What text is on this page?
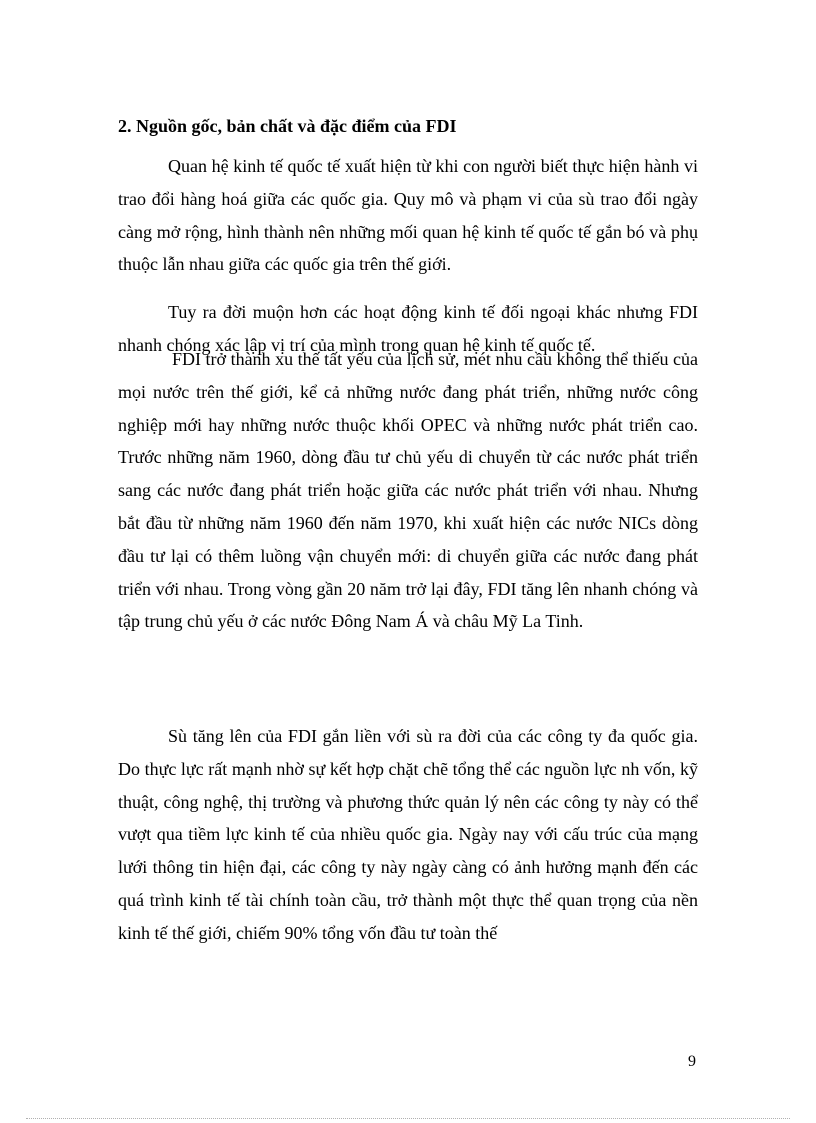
2. Nguồn gốc, bản chất và đặc điểm của FDI

Quan hệ kinh tế quốc tế xuất hiện từ khi con người biết thực hiện hành vi trao đổi hàng hoá giữa các quốc gia. Quy mô và phạm vi của sù trao đổi ngày càng mở rộng, hình thành nên những mối quan hệ kinh tế quốc tế gắn bó và phụ thuộc lẫn nhau giữa các quốc gia trên thế giới.

Tuy ra đời muộn hơn các hoạt động kinh tế đối ngoại khác nhưng FDI nhanh chóng xác lập vị trí của mình trong quan hệ kinh tế quốc tế.

FDI trở thành xu thế tất yếu của lịch sử, mét nhu cầu không thể thiếu của mọi nước trên thế giới, kể cả những nước đang phát triển, những nước công nghiệp mới hay những nước thuộc khối OPEC và những nước phát triển cao. Trước những năm 1960, dòng đầu tư chủ yếu di chuyển từ các nước phát triển sang các nước đang phát triển hoặc giữa các nước phát triển với nhau. Nhưng bắt đầu từ những năm 1960 đến năm 1970, khi xuất hiện các nước NICs dòng đầu tư lại có thêm luồng vận chuyển mới: di chuyển giữa các nước đang phát triển với nhau. Trong vòng gần 20 năm trở lại đây, FDI tăng lên nhanh chóng và tập trung chủ yếu ở các nước Đông Nam Á và châu Mỹ La Tinh.

Sù tăng lên của FDI gắn liền với sù ra đời của các công ty đa quốc gia. Do thực lực rất mạnh nhờ sự kết hợp chặt chẽ tổng thể các nguồn lực nh vốn, kỹ thuật, công nghệ, thị trường và phương thức quản lý nên các công ty này có thể vượt qua tiềm lực kinh tế của nhiều quốc gia. Ngày nay với cấu trúc của mạng lưới thông tin hiện đại, các công ty này ngày càng có ảnh hưởng mạnh đến các quá trình kinh tế tài chính toàn cầu, trở thành một thực thể quan trọng của nền kinh tế thế giới, chiếm 90% tổng vốn đầu tư toàn thế

9
